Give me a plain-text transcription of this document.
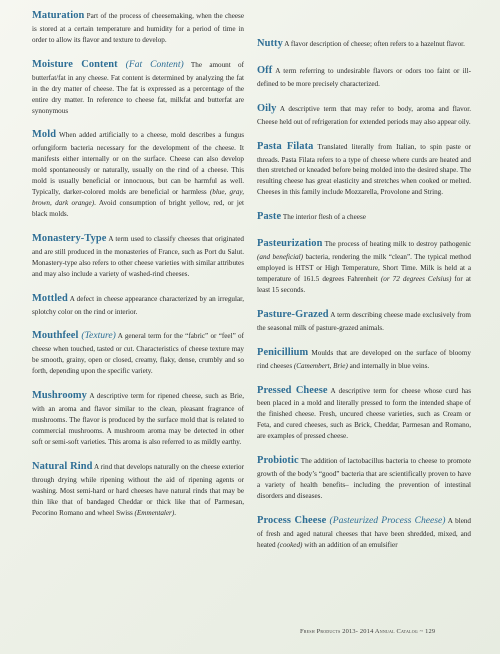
Maturation Part of the process of cheesemaking, when the cheese is stored at a certain temperature and humidity for a period of time in order to allow its flavor and texture to develop.

Moisture Content (Fat Content) The amount of butterfat/fat in any cheese. Fat content is determined by analyzing the fat in the dry matter of cheese. The fat is expressed as a percentage of the entire dry matter. In reference to cheese fat, milkfat and butterfat are synonymous

Mold When added artificially to a cheese, mold describes a fungus orfungiform bacteria necessary for the development of the cheese. It manifests either internally or on the surface. Cheese can also develop mold spontaneously or naturally, usually on the rind of a cheese. This mold is usually beneficial or innocuous, but can be harmful as well. Typically, darker-colored molds are beneficial or harmless (blue, gray, brown, dark orange). Avoid consumption of bright yellow, red, or jet black molds.

Monastery-Type A term used to classify cheeses that originated and are still produced in the monasteries of France, such as Port du Salut. Monastery-type also refers to other cheese varieties with similar attributes and may also include a variety of washed-rind cheeses.

Mottled A defect in cheese appearance characterized by an irregular, splotchy color on the rind or interior.

Mouthfeel (Texture) A general term for the “fabric” or “feel” of cheese when touched, tasted or cut. Characteristics of cheese texture may be smooth, grainy, open or closed, creamy, flaky, dense, crumbly and so forth, depending upon the specific variety.

Mushroomy A descriptive term for ripened cheese, such as Brie, with an aroma and flavor similar to the clean, pleasant fragrance of mushrooms. The flavor is produced by the surface mold that is related to commercial mushrooms. A mushroom aroma may be detected in other soft or semi-soft varieties. This aroma is also referred to as mildly earthy.

Natural Rind A rind that develops naturally on the cheese exterior through drying while ripening without the aid of ripening agents or washing. Most semi-hard or hard cheeses have natural rinds that may be thin like that of bandaged Cheddar or thick like that of Parmesan, Pecorino Romano and wheel Swiss (Emmentaler).

Nutty A flavor description of cheese; often refers to a hazelnut flavor.

Off A term referring to undesirable flavors or odors too faint or ill-defined to be more precisely characterized.

Oily A descriptive term that may refer to body, aroma and flavor. Cheese held out of refrigeration for extended periods may also appear oily.

Pasta Filata Translated literally from Italian, to spin paste or threads. Pasta Filata refers to a type of cheese where curds are heated and then stretched or kneaded before being molded into the desired shape. The resulting cheese has great elasticity and stretches when cooked or melted. Cheeses in this family include Mozzarella, Provolone and String.

Paste The interior flesh of a cheese

Pasteurization The process of heating milk to destroy pathogenic (and beneficial) bacteria, rendering the milk “clean”. The typical method employed is HTST or High Temperature, Short Time. Milk is held at a temperature of 161.5 degrees Fahrenheit (or 72 degrees Celsius) for at least 15 seconds.

Pasture-Grazed A term describing cheese made exclusively from the seasonal milk of pasture-grazed animals.

Penicillium Moulds that are developed on the surface of bloomy rind cheeses (Camembert, Brie) and internally in blue veins.

Pressed Cheese A descriptive term for cheese whose curd has been placed in a mold and literally pressed to form the intended shape of the finished cheese. Fresh, uncured cheese varieties, such as Cream or Feta, and cured cheeses, such as Brick, Cheddar, Parmesan and Romano, are examples of pressed cheese.

Probiotic The addition of lactobacillus bacteria to cheese to promote growth of the body’s “good” bacteria that are scientifically proven to have a variety of health benefits– including the prevention of intestinal disorders and diseases.

Process Cheese (Pasteurized Process Cheese) A blend of fresh and aged natural cheeses that have been shredded, mixed, and heated (cooked) with an addition of an emulsifier

Fresh Products 2013- 2014 Annual Catalog ~ 129
